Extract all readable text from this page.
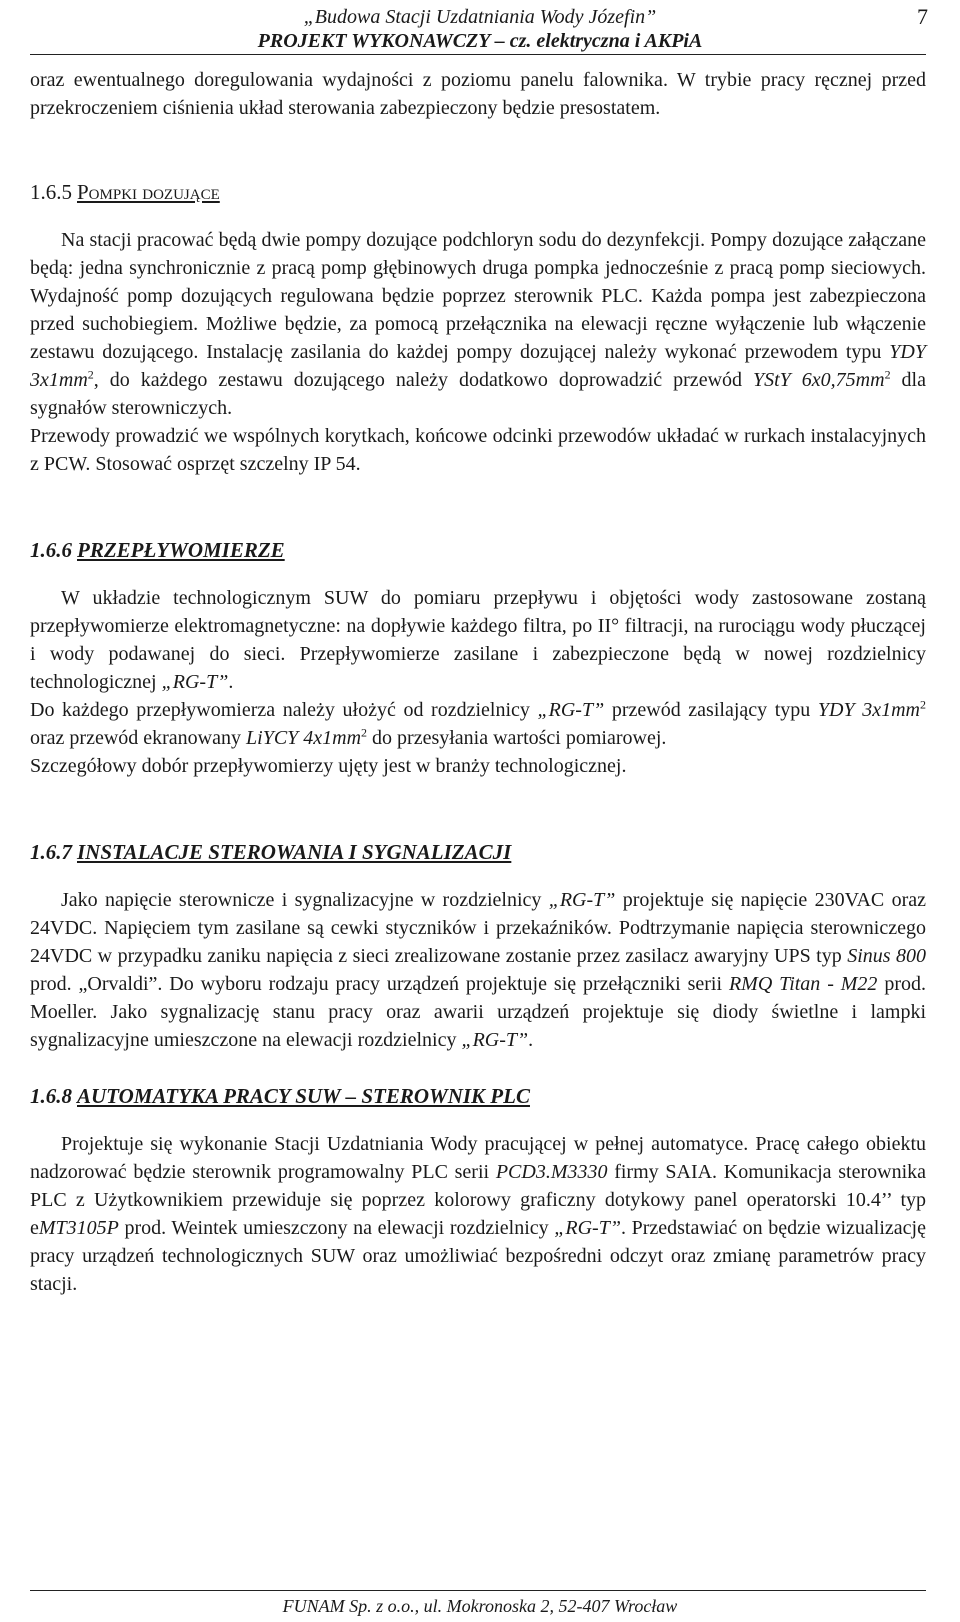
„Budowa Stacji Uzdatniania Wody Józefin”
PROJEKT WYKONAWCZY – cz. elektryczna i AKPiA
7

oraz ewentualnego doregulowania wydajności z poziomu panelu falownika. W trybie pracy ręcznej przed przekroczeniem ciśnienia układ sterowania zabezpieczony będzie presostatem.

1.6.5 Pompki dozujące

Na stacji pracować będą dwie pompy dozujące podchloryn sodu do dezynfekcji. Pompy dozujące załączane będą: jedna synchronicznie z pracą pomp głębinowych druga pompka jednocześnie z pracą pomp sieciowych. Wydajność pomp dozujących regulowana będzie poprzez sterownik PLC. Każda pompa jest zabezpieczona przed suchobiegiem. Możliwe będzie, za pomocą przełącznika na elewacji ręczne wyłączenie lub włączenie zestawu dozującego. Instalację zasilania do każdej pompy dozującej należy wykonać przewodem typu YDY $3x1mm^2$, do każdego zestawu dozującego należy dodatkowo doprowadzić przewód YStY $6x0,75mm^2$ dla sygnałów sterowniczych.

Przewody prowadzić we wspólnych korytkach, końcowe odcinki przewodów układać w rurkach instalacyjnych z PCW. Stosować osprzęt szczelny IP 54.

1.6.6 PRZEPŁYWOMIERZE

W układzie technologicznym SUW do pomiaru przepływu i objętości wody zastosowane zostaną przepływomierze elektromagnetyczne: na dopływie każdego filtra, po II° filtracji, na rurociągu wody płuczącej i wody podawanej do sieci. Przepływomierze zasilane i zabezpieczone będą w nowej rozdzielnicy technologicznej „RG-T”.

Do każdego przepływomierza należy ułożyć od rozdzielnicy „RG-T” przewód zasilający typu YDY $3x1mm^2$ oraz przewód ekranowany LiYCY $4x1mm^2$ do przesyłania wartości pomiarowej.

Szczegółowy dobór przepływomierzy ujęty jest w branży technologicznej.

1.6.7 INSTALACJE STEROWANIA I SYGNALIZACJI

Jako napięcie sterownicze i sygnalizacyjne w rozdzielnicy „RG-T” projektuje się napięcie 230VAC oraz 24VDC. Napięciem tym zasilane są cewki styczników i przekaźników. Podtrzymanie napięcia sterowniczego 24VDC w przypadku zaniku napięcia z sieci zrealizowane zostanie przez zasilacz awaryjny UPS typ Sinus 800 prod. „Orvaldi”. Do wyboru rodzaju pracy urządzeń projektuje się przełączniki serii RMQ Titan - M22 prod. Moeller. Jako sygnalizację stanu pracy oraz awarii urządzeń projektuje się diody świetlne i lampki sygnalizacyjne umieszczone na elewacji rozdzielnicy „RG-T”.

1.6.8 AUTOMATYKA PRACY SUW – STEROWNIK PLC

Projektuje się wykonanie Stacji Uzdatniania Wody pracującej w pełnej automatyce. Pracę całego obiektu nadzorować będzie sterownik programowalny PLC serii PCD3.M3330 firmy SAIA. Komunikacja sterownika PLC z Użytkownikiem przewiduje się poprzez kolorowy graficzny dotykowy panel operatorski 10.4’’ typ eMT3105P prod. Weintek umieszczony na elewacji rozdzielnicy „RG-T”. Przedstawiać on będzie wizualizację pracy urządzeń technologicznych SUW oraz umożliwiać bezpośredni odczyt oraz zmianę parametrów pracy stacji.

FUNAM Sp. z o.o., ul. Mokronoska 2, 52-407 Wrocław
